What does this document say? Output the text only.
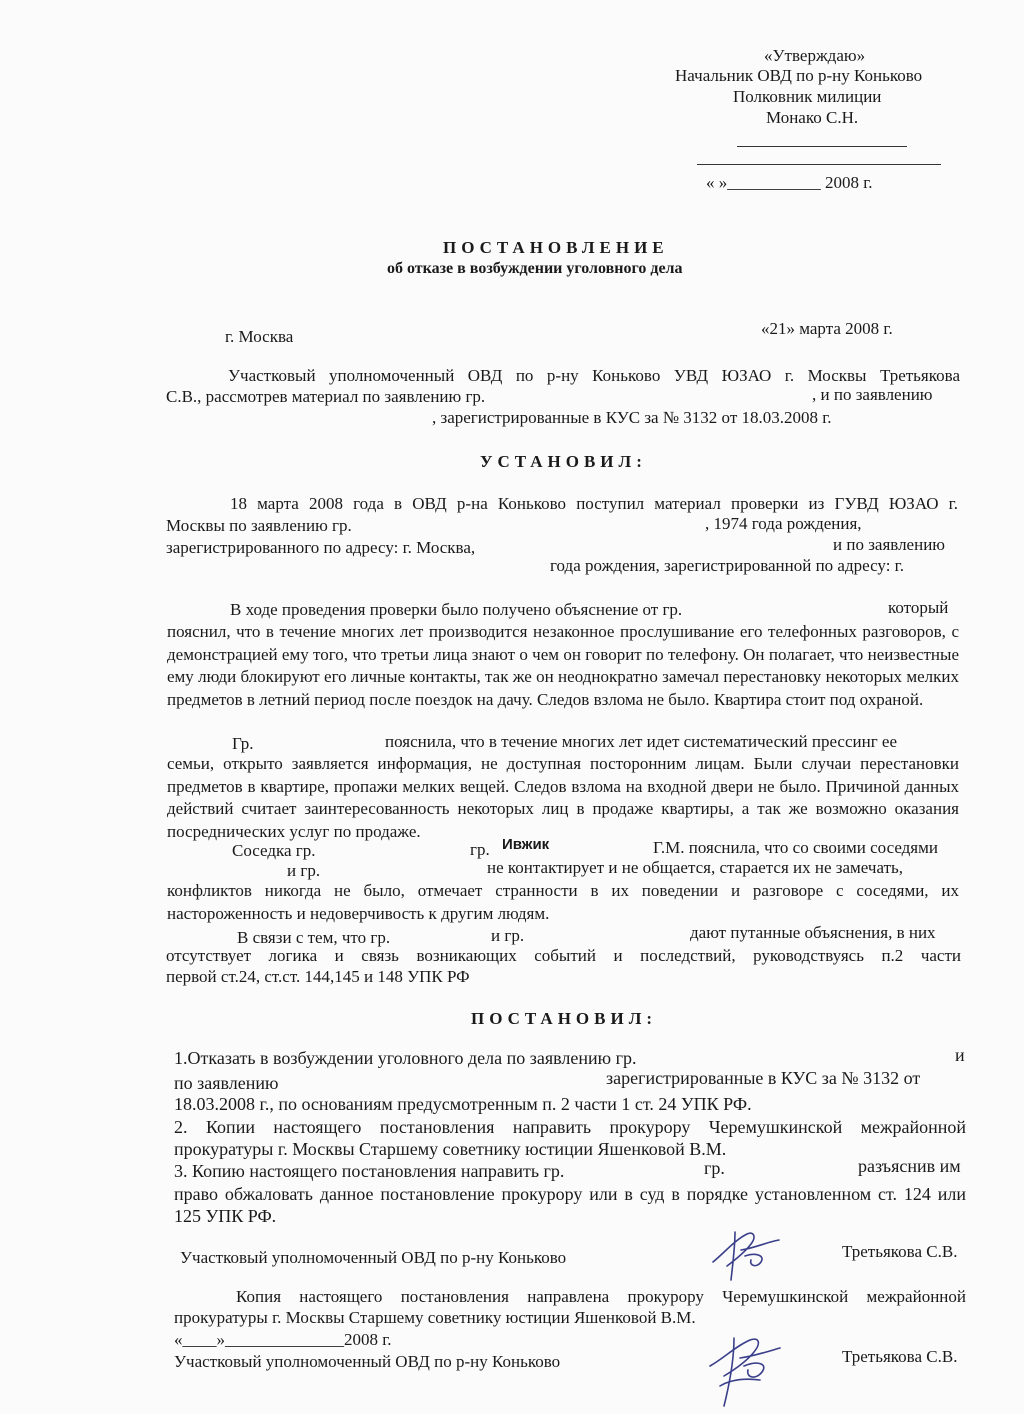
«Утверждаю»
Начальник ОВД по р-ну Коньково
Полковник милиции
Монако С.Н.
« »___________ 2008 г.
ПОСТАНОВЛЕНИЕ
об отказе в возбуждении уголовного дела
г. Москва	«21» марта 2008 г.
Участковый уполномоченный ОВД по р-ну Коньково УВД ЮЗАО г. Москвы Третьякова
С.В., рассмотрев материал по заявлению гр.	, и по заявлению
, зарегистрированные в КУС за № 3132 от 18.03.2008 г.
УСТАНОВИЛ:
18 марта 2008 года в ОВД р-на Коньково поступил материал проверки из ГУВД ЮЗАО г.
Москвы по заявлению гр.	, 1974 года рождения,
зарегистрированного по адресу: г. Москва,	и по заявлению
года рождения, зарегистрированной по адресу: г.
В ходе проведения проверки было получено объяснение от гр.	который

пояснил, что в течение многих лет производится незаконное прослушивание его телефонных разговоров, с демонстрацией ему того, что третьи лица знают о чем он говорит по телефону. Он полагает, что неизвестные ему люди блокируют его личные контакты, так же он неоднократно замечал перестановку некоторых мелких предметов в летний период после поездок на дачу. Следов взлома не было. Квартира стоит под охраной.

Гр.	пояснила, что в течение многих лет идет систематический прессинг ее

семьи, открыто заявляется информация, не доступная посторонним лицам. Были случаи перестановки предметов в квартире, пропажи мелких вещей. Следов взлома на входной двери не было. Причиной данных действий считает заинтересованность некоторых лиц в продаже квартиры, а так же возможно оказания посреднических услуг по продаже.

Соседка гр.	гр. Ивжик	Г.М. пояснила, что со своими соседями
и гр.	не контактирует и не общается, старается их не замечать,

конфликтов никогда не было, отмечает странности в их поведении и разговоре с соседями, их настороженность и недоверчивость к другим людям.

В связи с тем, что гр.	и гр.	дают путанные объяснения, в них
отсутствует логика и связь возникающих событий и последствий, руководствуясь п.2 части
первой ст.24, ст.ст. 144,145 и 148 УПК РФ
ПОСТАНОВИЛ:
1.Отказать в возбуждении уголовного дела по заявлению гр.	и
по заявлению	зарегистрированные в КУС за № 3132 от
18.03.2008 г., по основаниям предусмотренным п. 2 части 1 ст. 24 УПК РФ.

2. Копии настоящего постановления направить прокурору Черемушкинской межрайонной прокуратуры г. Москвы Старшему советнику юстиции Яшенковой В.М.

3. Копию настоящего постановления направить гр.	гр.	разъяснив им

право обжаловать данное постановление прокурору или в суд в порядке установленном ст. 124 или 125 УПК РФ.

Участковый уполномоченный ОВД по р-ну Коньково	Третьякова С.В.

Копия настоящего постановления направлена прокурору Черемушкинской межрайонной прокуратуры г. Москвы Старшему советнику юстиции Яшенковой В.М.

«____»______________2008 г.
Участковый уполномоченный ОВД по р-ну Коньково	Третьякова С.В.
